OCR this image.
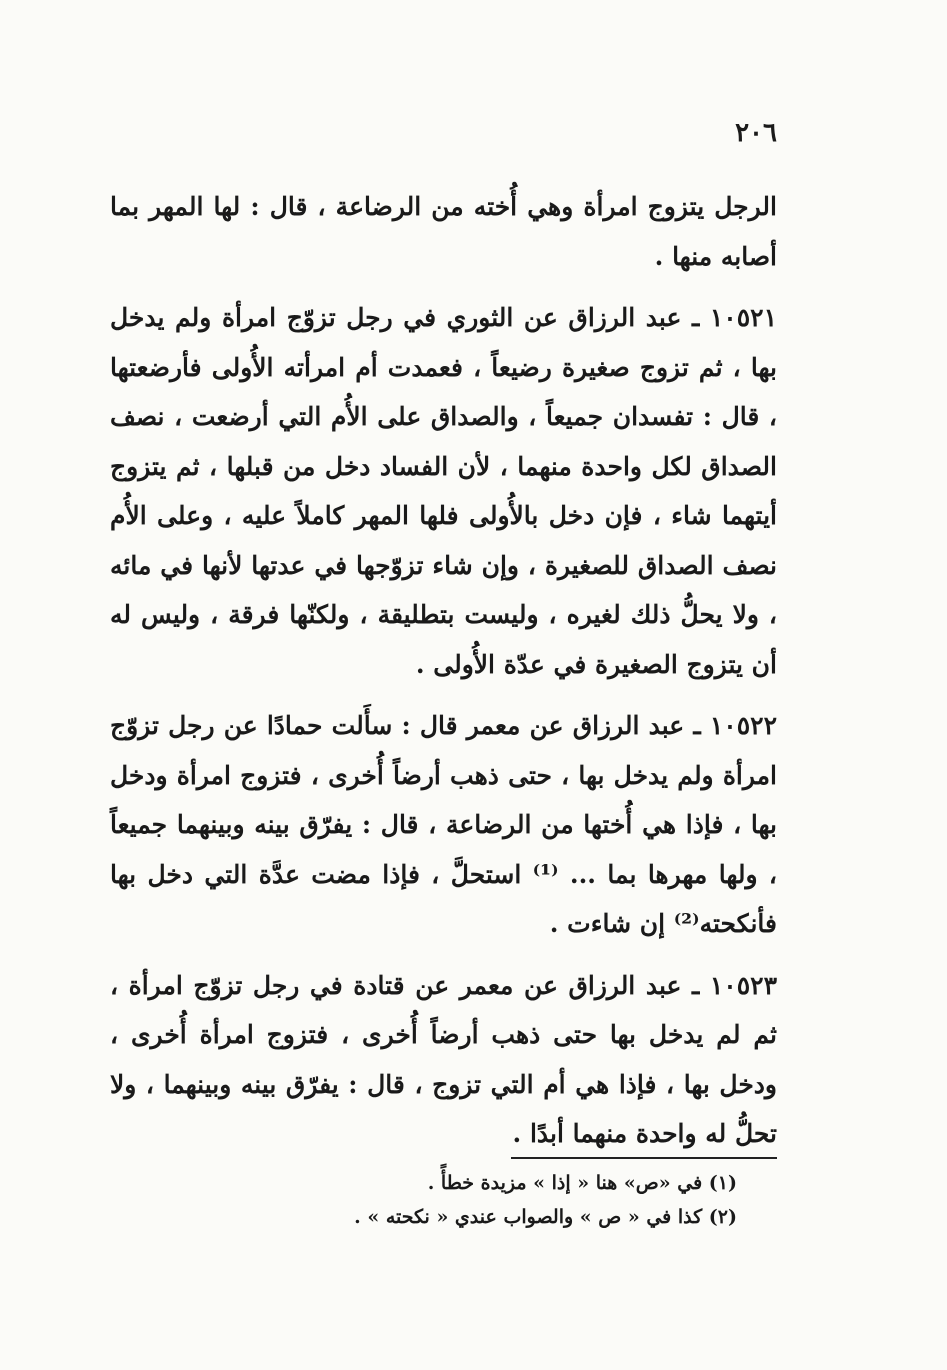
٢٠٦

الرجل يتزوج امرأة وهي أُخته من الرضاعة ، قال : لها المهر بما أصابه منها .

١٠٥٢١ ـ عبد الرزاق عن الثوري في رجل تزوّج امرأة ولم يدخل بها ، ثم تزوج صغيرة رضيعاً ، فعمدت أم امرأته الأُولى فأرضعتها ، قال : تفسدان جميعاً ، والصداق على الأُم التي أرضعت ، نصف الصداق لكل واحدة منهما ، لأن الفساد دخل من قبلها ، ثم يتزوج أيتهما شاء ، فإن دخل بالأُولى فلها المهر كاملاً عليه ، وعلى الأُم نصف الصداق للصغيرة ، وإن شاء تزوّجها في عدتها لأنها في مائه ، ولا يحلُّ ذلك لغيره ، وليست بتطليقة ، ولكنّها فرقة ، وليس له أن يتزوج الصغيرة في عدّة الأُولى .

١٠٥٢٢ ـ عبد الرزاق عن معمر قال : سأَلت حمادًا عن رجل تزوّج امرأة ولم يدخل بها ، حتى ذهب أرضاً أُخرى ، فتزوج امرأة ودخل بها ، فإذا هي أُختها من الرضاعة ، قال : يفرّق بينه وبينهما جميعاً ، ولها مهرها بما ... ⁽¹⁾ استحلَّ ، فإذا مضت عدَّة التي دخل بها فأنكحته⁽²⁾ إن شاءت .

١٠٥٢٣ ـ عبد الرزاق عن معمر عن قتادة في رجل تزوّج امرأة ، ثم لم يدخل بها حتى ذهب أرضاً أُخرى ، فتزوج امرأة أُخرى ، ودخل بها ، فإذا هي أم التي تزوج ، قال : يفرّق بينه وبينهما ، ولا تحلُّ له واحدة منهما أبدًا .

(١) في «ص» هنا « إذا » مزيدة خطأً .

(٢) كذا في « ص » والصواب عندي « نكحته » .
